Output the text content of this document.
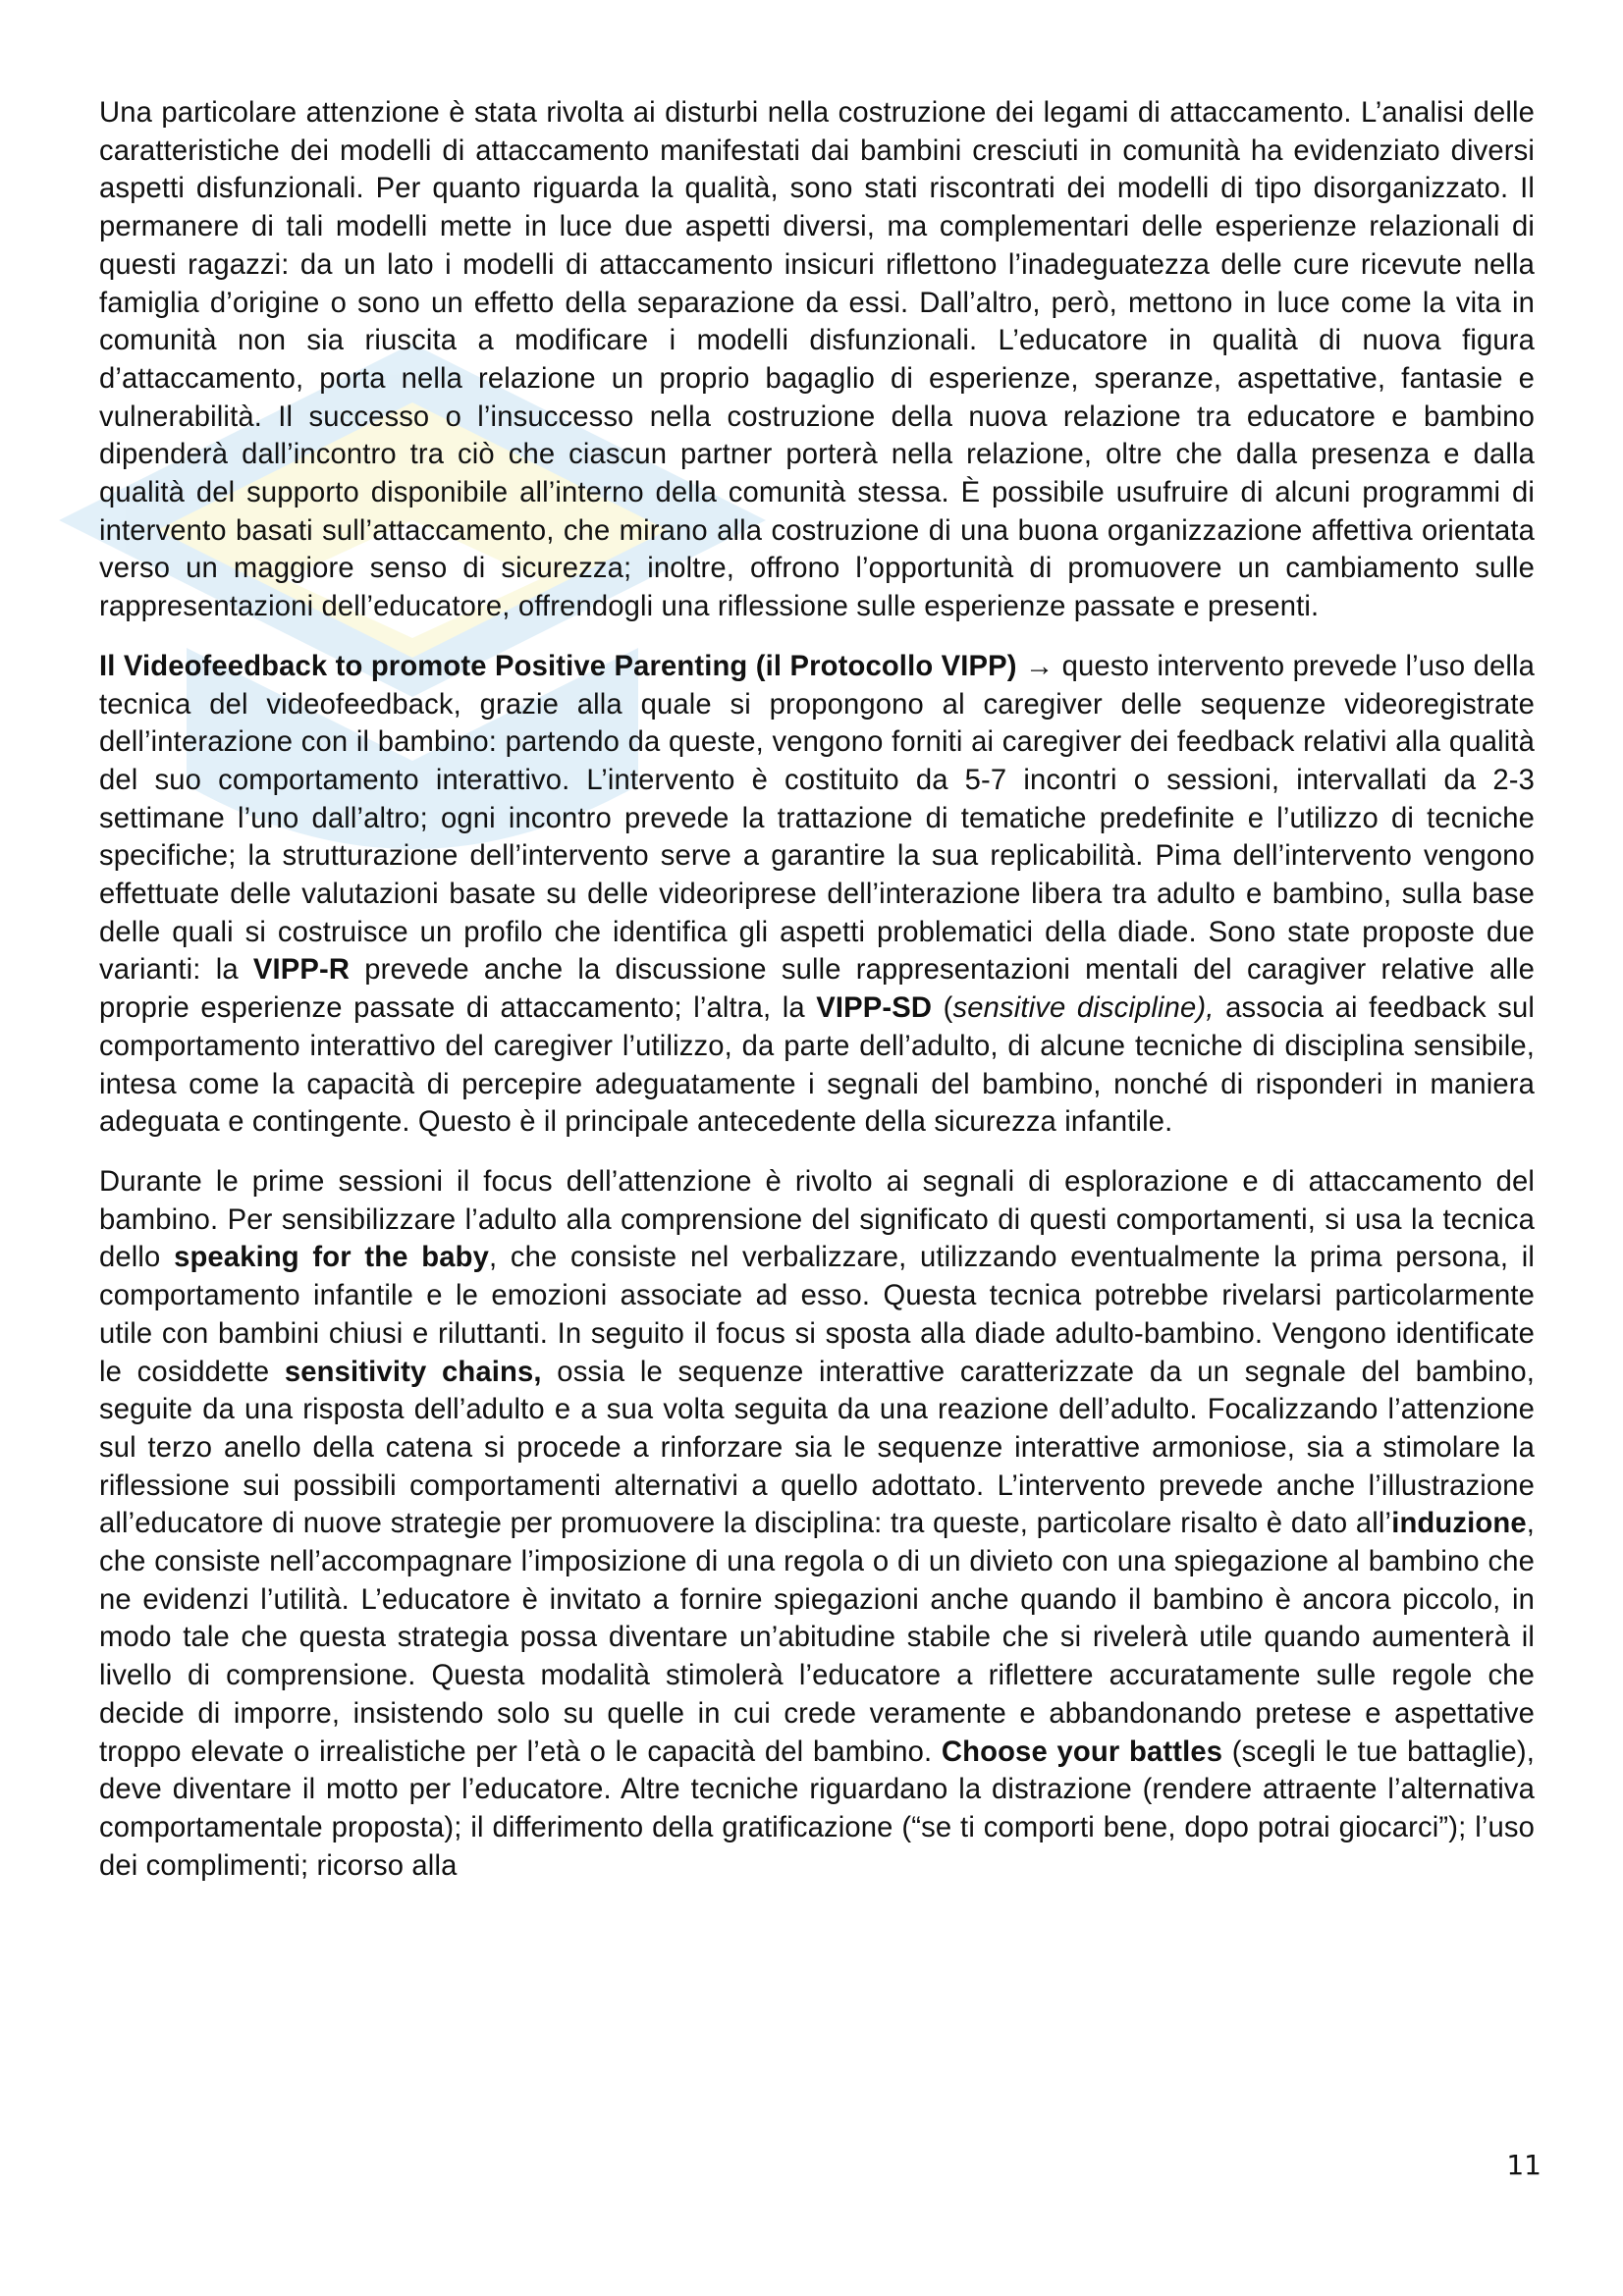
Una particolare attenzione è stata rivolta ai disturbi nella costruzione dei legami di attaccamento. L’analisi delle caratteristiche dei modelli di attaccamento manifestati dai bambini cresciuti in comunità ha evidenziato diversi aspetti disfunzionali. Per quanto riguarda la qualità, sono stati riscontrati dei modelli di tipo disorganizzato. Il permanere di tali modelli mette in luce due aspetti diversi, ma complementari delle esperienze relazionali di questi ragazzi: da un lato i modelli di attaccamento insicuri riflettono l’inadeguatezza delle cure ricevute nella famiglia d’origine o sono un effetto della separazione da essi. Dall’altro, però, mettono in luce come la vita in comunità non sia riuscita a modificare i modelli disfunzionali. L’educatore in qualità di nuova figura d’attaccamento, porta nella relazione un proprio bagaglio di esperienze, speranze, aspettative, fantasie e vulnerabilità. Il successo o l’insuccesso nella costruzione della nuova relazione tra educatore e bambino dipenderà dall’incontro tra ciò che ciascun partner porterà nella relazione, oltre che dalla presenza e dalla qualità del supporto disponibile all’interno della comunità stessa. È possibile usufruire di alcuni programmi di intervento basati sull’attaccamento, che mirano alla costruzione di una buona organizzazione affettiva orientata verso un maggiore senso di sicurezza; inoltre, offrono l’opportunità di promuovere un cambiamento sulle rappresentazioni dell’educatore, offrendogli una riflessione sulle esperienze passate e presenti.

Il Videofeedback to promote Positive Parenting (il Protocollo VIPP) → questo intervento prevede l’uso della tecnica del videofeedback, grazie alla quale si propongono al caregiver delle sequenze videoregistrate dell’interazione con il bambino: partendo da queste, vengono forniti ai caregiver dei feedback relativi alla qualità del suo comportamento interattivo. L’intervento è costituito da 5-7 incontri o sessioni, intervallati da 2-3 settimane l’uno dall’altro; ogni incontro prevede la trattazione di tematiche predefinite e l’utilizzo di tecniche specifiche; la strutturazione dell’intervento serve a garantire la sua replicabilità. Pima dell’intervento vengono effettuate delle valutazioni basate su delle videoriprese dell’interazione libera tra adulto e bambino, sulla base delle quali si costruisce un profilo che identifica gli aspetti problematici della diade. Sono state proposte due varianti: la VIPP-R prevede anche la discussione sulle rappresentazioni mentali del caragiver relative alle proprie esperienze passate di attaccamento; l’altra, la VIPP-SD (sensitive discipline), associa ai feedback sul comportamento interattivo del caregiver l’utilizzo, da parte dell’adulto, di alcune tecniche di disciplina sensibile, intesa come la capacità di percepire adeguatamente i segnali del bambino, nonché di risponderi in maniera adeguata e contingente. Questo è il principale antecedente della sicurezza infantile.

Durante le prime sessioni il focus dell’attenzione è rivolto ai segnali di esplorazione e di attaccamento del bambino. Per sensibilizzare l’adulto alla comprensione del significato di questi comportamenti, si usa la tecnica dello speaking for the baby, che consiste nel verbalizzare, utilizzando eventualmente la prima persona, il comportamento infantile e le emozioni associate ad esso. Questa tecnica potrebbe rivelarsi particolarmente utile con bambini chiusi e riluttanti. In seguito il focus si sposta alla diade adulto-bambino. Vengono identificate le cosiddette sensitivity chains, ossia le sequenze interattive caratterizzate da un segnale del bambino, seguite da una risposta dell’adulto e a sua volta seguita da una reazione dell’adulto. Focalizzando l’attenzione sul terzo anello della catena si procede a rinforzare sia le sequenze interattive armoniose, sia a stimolare la riflessione sui possibili comportamenti alternativi a quello adottato. L’intervento prevede anche l’illustrazione all’educatore di nuove strategie per promuovere la disciplina: tra queste, particolare risalto è dato all’induzione, che consiste nell’accompagnare l’imposizione di una regola o di un divieto con una spiegazione al bambino che ne evidenzi l’utilità. L’educatore è invitato a fornire spiegazioni anche quando il bambino è ancora piccolo, in modo tale che questa strategia possa diventare un’abitudine stabile che si rivelerà utile quando aumenterà il livello di comprensione. Questa modalità stimolerà l’educatore a riflettere accuratamente sulle regole che decide di imporre, insistendo solo su quelle in cui crede veramente e abbandonando pretese e aspettative troppo elevate o irrealistiche per l’età o le capacità del bambino. Choose your battles (scegli le tue battaglie), deve diventare il motto per l’educatore. Altre tecniche riguardano la distrazione (rendere attraente l’alternativa comportamentale proposta); il differimento della gratificazione (“se ti comporti bene, dopo potrai giocarci”); l’uso dei complimenti; ricorso alla

11
